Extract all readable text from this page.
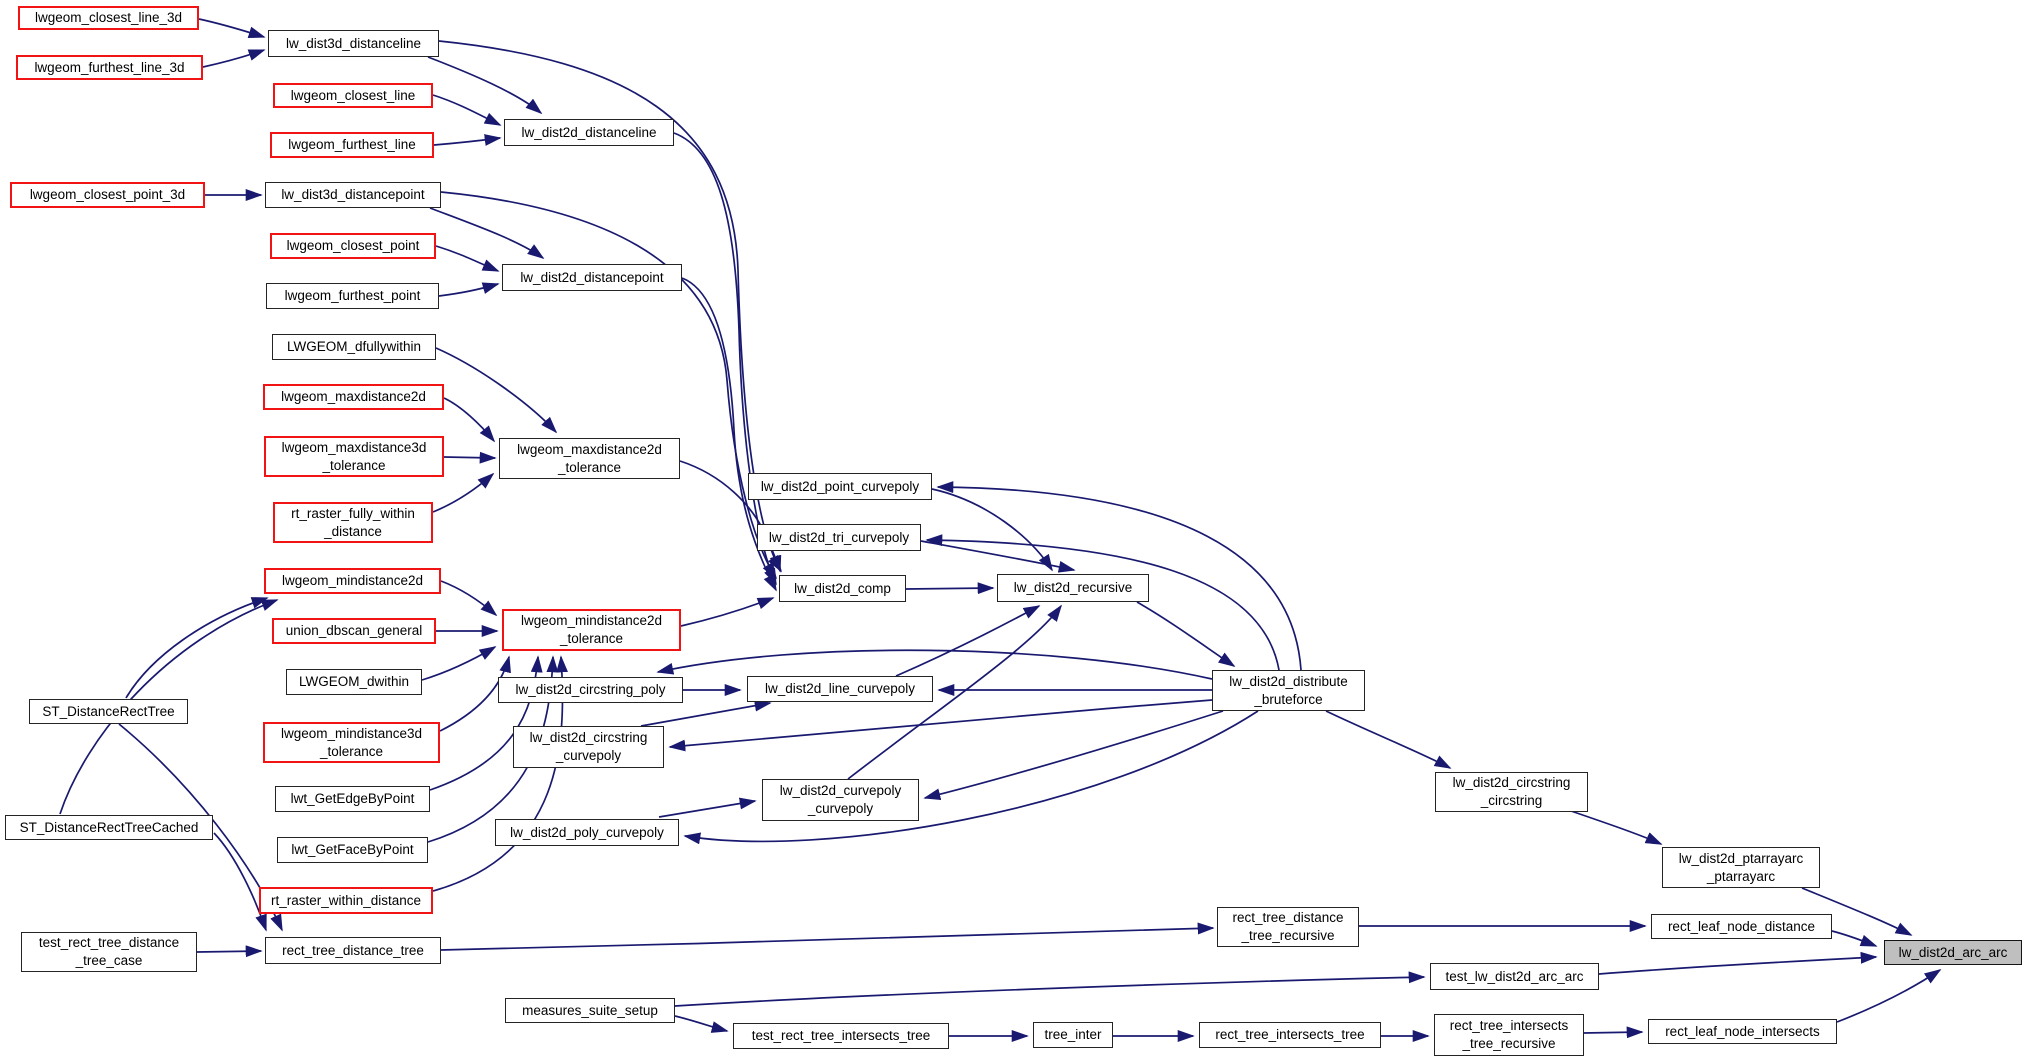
lwgeom_closest_line_3d
lwgeom_furthest_line_3d
lw_dist3d_distanceline
lwgeom_closest_line
lwgeom_furthest_line
lw_dist2d_distanceline
lwgeom_closest_point_3d	lw_dist3d_distancepoint
lwgeom_closest_point
lwgeom_furthest_point
lw_dist2d_distancepoint
LWGEOM_dfullywithin
lwgeom_maxdistance2d
lwgeom_maxdistance3d
_tolerance
lwgeom_maxdistance2d
_tolerance
rt_raster_fully_within
_distance
lwgeom_mindistance2d
union_dbscan_general
lwgeom_mindistance2d
_tolerance
LWGEOM_dwithin
ST_DistanceRectTree
lwgeom_mindistance3d
_tolerance
lwt_GetEdgeByPoint
ST_DistanceRectTreeCached
lwt_GetFaceByPoint
rt_raster_within_distance
test_rect_tree_distance
_tree_case
rect_tree_distance_tree
lw_dist2d_point_curvepoly
lw_dist2d_tri_curvepoly
lw_dist2d_comp	lw_dist2d_recursive
lw_dist2d_circstring_poly	lw_dist2d_line_curvepoly
lw_dist2d_circstring
_curvepoly
lw_dist2d_curvepoly
_curvepoly
lw_dist2d_poly_curvepoly
lw_dist2d_distribute
_bruteforce
lw_dist2d_circstring
_circstring
lw_dist2d_ptarrayarc
_ptarrayarc
rect_tree_distance
_tree_recursive
rect_leaf_node_distance
lw_dist2d_arc_arc
test_lw_dist2d_arc_arc
measures_suite_setup
test_rect_tree_intersects_tree	tree_inter	rect_tree_intersects_tree
rect_tree_intersects
_tree_recursive
rect_leaf_node_intersects
